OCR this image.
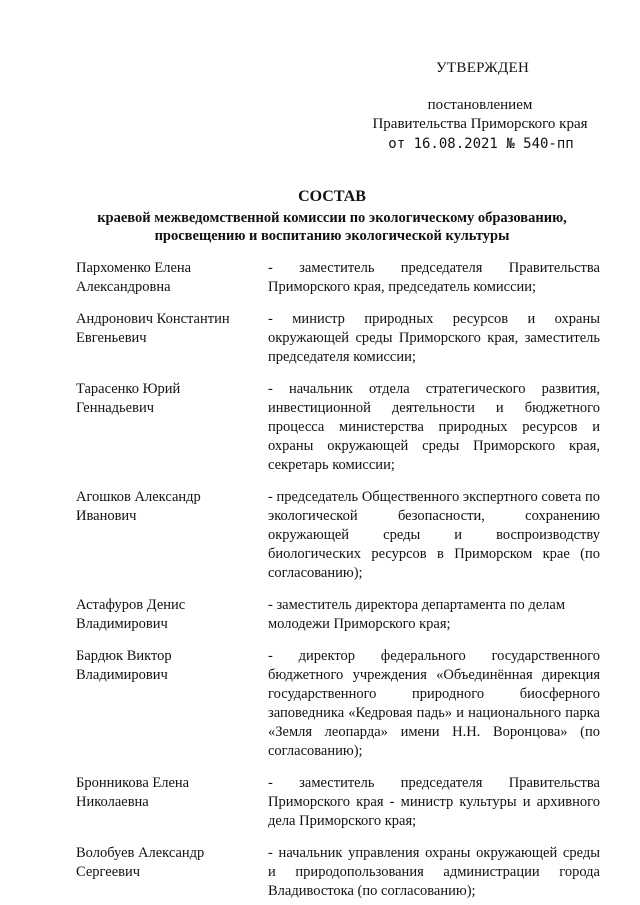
УТВЕРЖДЕН
постановлением
Правительства Приморского края
от 16.08.2021 № 540-пп
СОСТАВ
краевой межведомственной комиссии по экологическому образованию, просвещению и воспитанию экологической культуры
Пархоменко Елена
Александровна
- заместитель председателя Правительства Приморского края, председатель комиссии;
Андронович Константин
Евгеньевич
- министр природных ресурсов и охраны окружающей среды Приморского края, заместитель председателя комиссии;
Тарасенко Юрий
Геннадьевич
- начальник отдела стратегического развития, инвестиционной деятельности и бюджетного процесса министерства природных ресурсов и охраны окружающей среды Приморского края, секретарь комиссии;
Агошков Александр
Иванович
- председатель Общественного экспертного совета по экологической безопасности, сохранению окружающей среды и воспроизводству биологических ресурсов в Приморском крае (по согласованию);
Астафуров Денис
Владимирович
- заместитель директора департамента по делам молодежи Приморского края;
Бардюк Виктор
Владимирович
- директор федерального государственного бюджетного учреждения «Объединённая дирекция государственного природного биосферного заповедника «Кедровая падь» и национального парка «Земля леопарда» имени Н.Н. Воронцова» (по согласованию);
Бронникова Елена
Николаевна
- заместитель председателя Правительства Приморского края - министр культуры и архивного дела Приморского края;
Волобуев Александр
Сергеевич
- начальник управления охраны окружающей среды и природопользования администрации города Владивостока (по согласованию);
